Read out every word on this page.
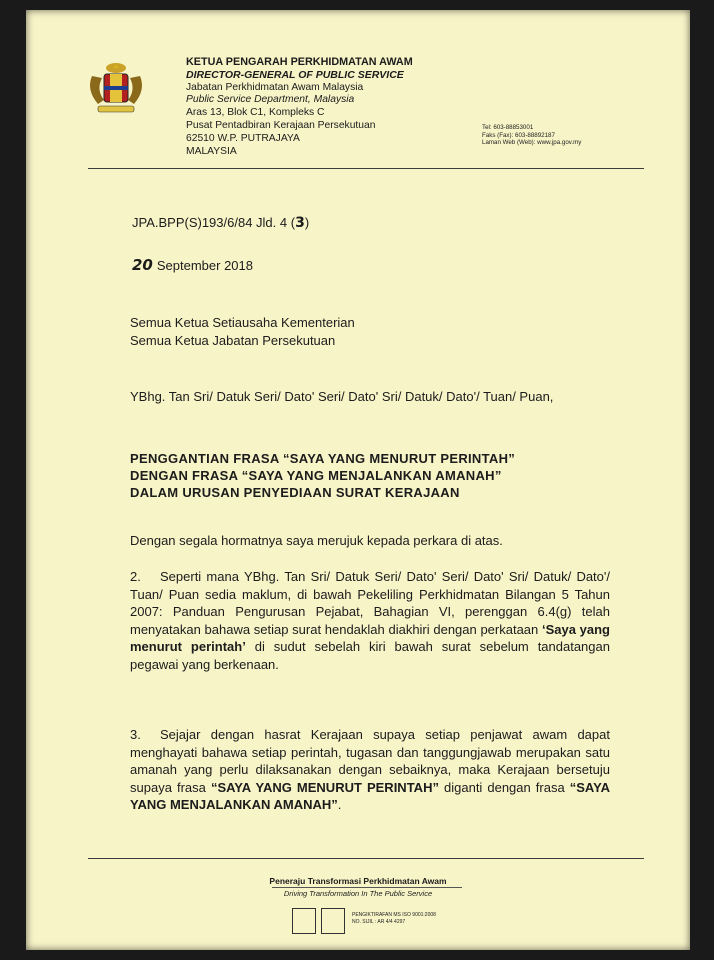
KETUA PENGARAH PERKHIDMATAN AWAM
DIRECTOR-GENERAL OF PUBLIC SERVICE
Jabatan Perkhidmatan Awam Malaysia
Public Service Department, Malaysia
Aras 13, Blok C1, Kompleks C
Pusat Pentadbiran Kerajaan Persekutuan
62510 W.P. PUTRAJAYA
MALAYSIA
Tel: 603-88853001
Faks (Fax): 603-88892187
Laman Web (Web): www.jpa.gov.my
JPA.BPP(S)193/6/84 Jld. 4 (3)
20 September 2018
Semua Ketua Setiausaha Kementerian
Semua Ketua Jabatan Persekutuan
YBhg. Tan Sri/ Datuk Seri/ Dato' Seri/ Dato' Sri/ Datuk/ Dato'/ Tuan/ Puan,
PENGGANTIAN FRASA “SAYA YANG MENURUT PERINTAH”
DENGAN FRASA “SAYA YANG MENJALANKAN AMANAH”
DALAM URUSAN PENYEDIAAN SURAT KERAJAAN
Dengan segala hormatnya saya merujuk kepada perkara di atas.
2. Seperti mana YBhg. Tan Sri/ Datuk Seri/ Dato' Seri/ Dato' Sri/ Datuk/ Dato'/ Tuan/ Puan sedia maklum, di bawah Pekeliling Perkhidmatan Bilangan 5 Tahun 2007: Panduan Pengurusan Pejabat, Bahagian VI, perenggan 6.4(g) telah menyatakan bahawa setiap surat hendaklah diakhiri dengan perkataan ‘Saya yang menurut perintah’ di sudut sebelah kiri bawah surat sebelum tandatangan pegawai yang berkenaan.
3. Sejajar dengan hasrat Kerajaan supaya setiap penjawat awam dapat menghayati bahawa setiap perintah, tugasan dan tanggungjawab merupakan satu amanah yang perlu dilaksanakan dengan sebaiknya, maka Kerajaan bersetuju supaya frasa “SAYA YANG MENURUT PERINTAH” diganti dengan frasa “SAYA YANG MENJALANKAN AMANAH”.
Peneraju Transformasi Perkhidmatan Awam
Driving Transformation In The Public Service
PENGIKTIRAFAN MS ISO 9001:2008
NO. SIJIL : AR 4/4 4297
